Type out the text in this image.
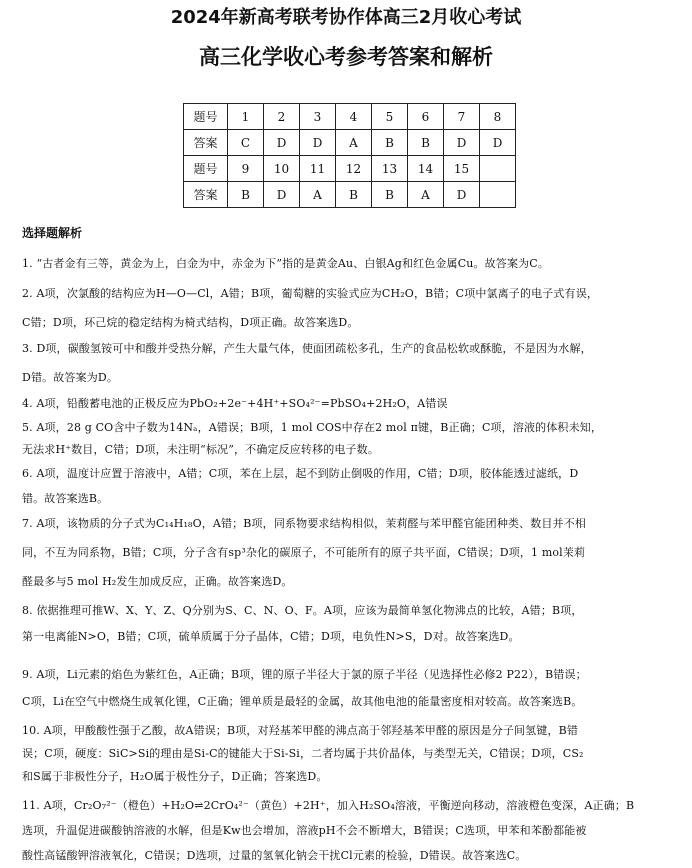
2024年新高考联考协作体高三2月收心考试
高三化学收心考参考答案和解析
题号	1	2	3	4	5	6	7	8
答案	C	D	D	A	B	B	D	D
题号	9	10	11	12	13	14	15	
答案	B	D	A	B	B	A	D	
选择题解析
1. “古者金有三等，黄金为上，白金为中，赤金为下”指的是黄金Au、白银Ag和红色金属Cu。故答案为C。
2. A项，次氯酸的结构应为H—O—Cl，A错；B项，葡萄糖的实验式应为CH₂O，B错；C项中氯离子的电子式有误，
C错；D项，环己烷的稳定结构为椅式结构，D项正确。故答案选D。
3. D项，碳酸氢铵可中和酸并受热分解，产生大量气体，使面团疏松多孔，生产的食品松软或酥脆，不是因为水解，
D错。故答案为D。
4. A项，铅酸蓄电池的正极反应为PbO₂+2e⁻+4H⁺+SO₄²⁻=PbSO₄+2H₂O，A错误
5. A项，28 g CO含中子数为14Nₐ，A错误；B项，1 mol COS中存在2 mol π键，B正确；C项，溶液的体积未知，
无法求H⁺数目，C错；D项，未注明“标况”，不确定反应转移的电子数。
6. A项，温度计应置于溶液中，A错；C项，苯在上层，起不到防止倒吸的作用，C错；D项，胶体能透过滤纸，D
错。故答案选B。
7. A项，该物质的分子式为C₁₄H₁₈O，A错；B项，同系物要求结构相似，茉莉醛与苯甲醛官能团种类、数目并不相
同，不互为同系物，B错；C项，分子含有sp³杂化的碳原子，不可能所有的原子共平面，C错误；D项，1 mol茉莉
醛最多与5 mol H₂发生加成反应，正确。故答案选D。
8. 依据推理可推W、X、Y、Z、Q分别为S、C、N、O、F。A项，应该为最简单氢化物沸点的比较，A错；B项，
第一电离能N>O，B错；C项，硫单质属于分子晶体，C错；D项，电负性N>S，D对。故答案选D。
9. A项，Li元素的焰色为紫红色，A正确；B项，锂的原子半径大于氯的原子半径（见选择性必修2 P22），B错误；
C项，Li在空气中燃烧生成氧化锂，C正确；锂单质是最轻的金属，故其他电池的能量密度相对较高。故答案选B。
10. A项，甲酸酸性强于乙酸，故A错误；B项，对羟基苯甲醛的沸点高于邻羟基苯甲醛的原因是分子间氢键，B错
误；C项，硬度：SiC>Si的理由是Si-C的键能大于Si-Si，二者均属于共价晶体，与类型无关，C错误；D项，CS₂
和S属于非极性分子，H₂O属于极性分子，D正确；答案选D。
11. A项，Cr₂O₇²⁻（橙色）+H₂O⇌2CrO₄²⁻（黄色）+2H⁺，加入H₂SO₄溶液，平衡逆向移动，溶液橙色变深，A正确；B
选项，升温促进碳酸钠溶液的水解，但是Kw也会增加，溶液pH不会不断增大，B错误；C选项，甲苯和苯酚都能被
酸性高锰酸钾溶液氧化，C错误；D选项，过量的氢氧化钠会干扰Cl元素的检验，D错误。故答案选C。
